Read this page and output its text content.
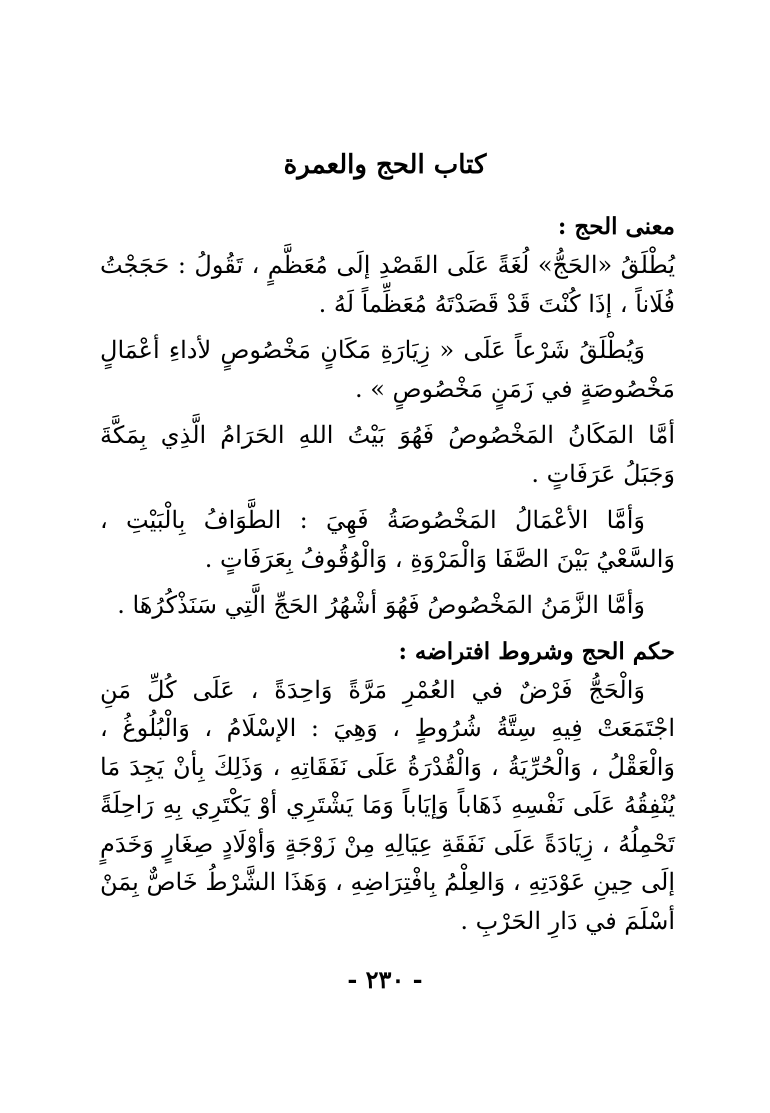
كتاب الحج والعمرة
معنى الحج :

يُطْلَقُ «الحَجُّ» لُغَةً عَلَى القَصْدِ إلَى مُعَظَّمٍ ، تَقُولُ : حَجَجْتُ فُلَاناً ، إذَا كُنْتَ قَدْ قَصَدْتَهُ مُعَظِّماً لَهُ .

وَيُطْلَقُ شَرْعاً عَلَى « زِيَارَةِ مَكَانٍ مَخْصُوصٍ لأداءِ أعْمَالٍ مَخْصُوصَةٍ في زَمَنٍ مَخْصُوصٍ » .

أمَّا المَكَانُ المَخْصُوصُ فَهُوَ بَيْتُ اللهِ الحَرَامُ الَّذِي بِمَكَّةَ وَجَبَلُ عَرَفَاتٍ .

وَأمَّا الأعْمَالُ المَخْصُوصَةُ فَهِيَ : الطَّوَافُ بِالْبَيْتِ ، وَالسَّعْيُ بَيْنَ الصَّفَا وَالْمَرْوَةِ ، وَالْوُقُوفُ بِعَرَفَاتٍ .

وَأمَّا الزَّمَنُ المَخْصُوصُ فَهُوَ أشْهُرُ الحَجِّ الَّتِي سَنَذْكُرُهَا .

حكم الحج وشروط افتراضه :

وَالْحَجُّ فَرْضٌ في العُمْرِ مَرَّةً وَاحِدَةً ، عَلَى كُلِّ مَنِ اجْتَمَعَتْ فِيهِ سِتَّةُ شُرُوطٍ ، وَهِيَ : الإسْلَامُ ، وَالْبُلُوغُ ، وَالْعَقْلُ ، وَالْحُرِّيَةُ ، وَالْقُدْرَةُ عَلَى نَفَقَاتِهِ ، وَذَلِكَ بِأنْ يَجِدَ مَا يُنْفِقُهُ عَلَى نَفْسِهِ ذَهَاباً وَإيَاباً وَمَا يَشْتَرِي أوْ يَكْتَرِي بِهِ رَاحِلَةً تَحْمِلُهُ ، زِيَادَةً عَلَى نَفَقَةِ عِيَالِهِ مِنْ زَوْجَةٍ وَأوْلَادٍ صِغَارٍ وَخَدَمٍ إلَى حِينِ عَوْدَتِهِ ، وَالعِلْمُ بِافْتِرَاضِهِ ، وَهَذَا الشَّرْطُ خَاصٌّ بِمَنْ أسْلَمَ في دَارِ الحَرْبِ .

- ٢٣٠ -
